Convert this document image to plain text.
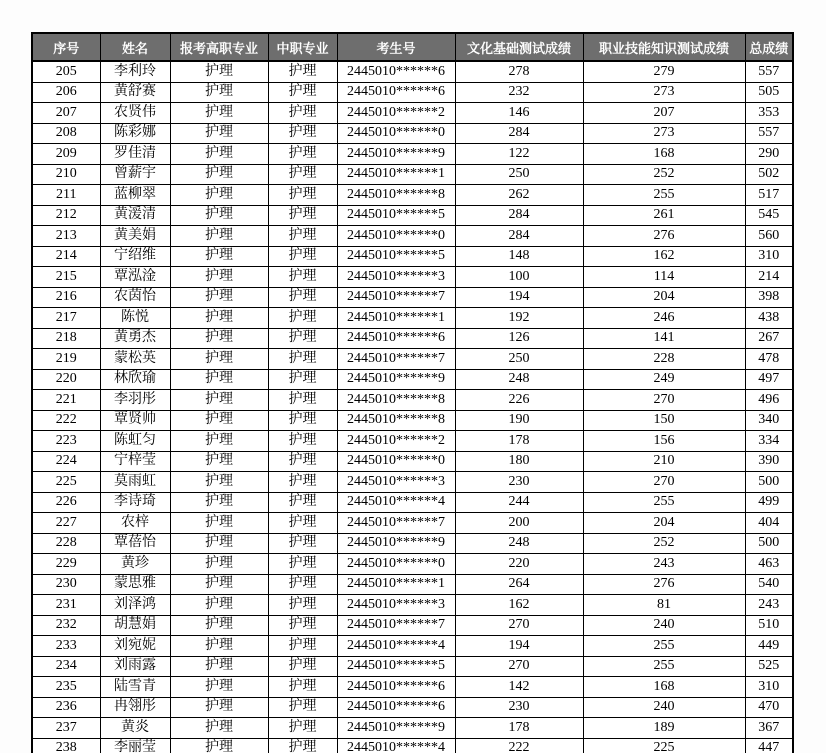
序号	姓名	报考高职专业	中职专业	考生号	文化基础测试成绩	职业技能知识测试成绩	总成绩
205	李利玲	护理	护理	2445010******6	278	279	557
206	黄舒赛	护理	护理	2445010******6	232	273	505
207	农贤伟	护理	护理	2445010******2	146	207	353
208	陈彩娜	护理	护理	2445010******0	284	273	557
209	罗佳清	护理	护理	2445010******9	122	168	290
210	曾薪宇	护理	护理	2445010******1	250	252	502
211	蓝柳翠	护理	护理	2445010******8	262	255	517
212	黄湲清	护理	护理	2445010******5	284	261	545
213	黄美娟	护理	护理	2445010******0	284	276	560
214	宁绍维	护理	护理	2445010******5	148	162	310
215	覃泓淦	护理	护理	2445010******3	100	114	214
216	农茵怡	护理	护理	2445010******7	194	204	398
217	陈悦	护理	护理	2445010******1	192	246	438
218	黄勇杰	护理	护理	2445010******6	126	141	267
219	蒙松英	护理	护理	2445010******7	250	228	478
220	林欣瑜	护理	护理	2445010******9	248	249	497
221	李羽彤	护理	护理	2445010******8	226	270	496
222	覃贤帅	护理	护理	2445010******8	190	150	340
223	陈虹匀	护理	护理	2445010******2	178	156	334
224	宁梓莹	护理	护理	2445010******0	180	210	390
225	莫雨虹	护理	护理	2445010******3	230	270	500
226	李诗琦	护理	护理	2445010******4	244	255	499
227	农梓	护理	护理	2445010******7	200	204	404
228	覃蓓怡	护理	护理	2445010******9	248	252	500
229	黄珍	护理	护理	2445010******0	220	243	463
230	蒙思雅	护理	护理	2445010******1	264	276	540
231	刘泽鸿	护理	护理	2445010******3	162	81	243
232	胡慧娟	护理	护理	2445010******7	270	240	510
233	刘宛妮	护理	护理	2445010******4	194	255	449
234	刘雨露	护理	护理	2445010******5	270	255	525
235	陆雪青	护理	护理	2445010******6	142	168	310
236	冉翎彤	护理	护理	2445010******6	230	240	470
237	黄炎	护理	护理	2445010******9	178	189	367
238	李丽莹	护理	护理	2445010******4	222	225	447
